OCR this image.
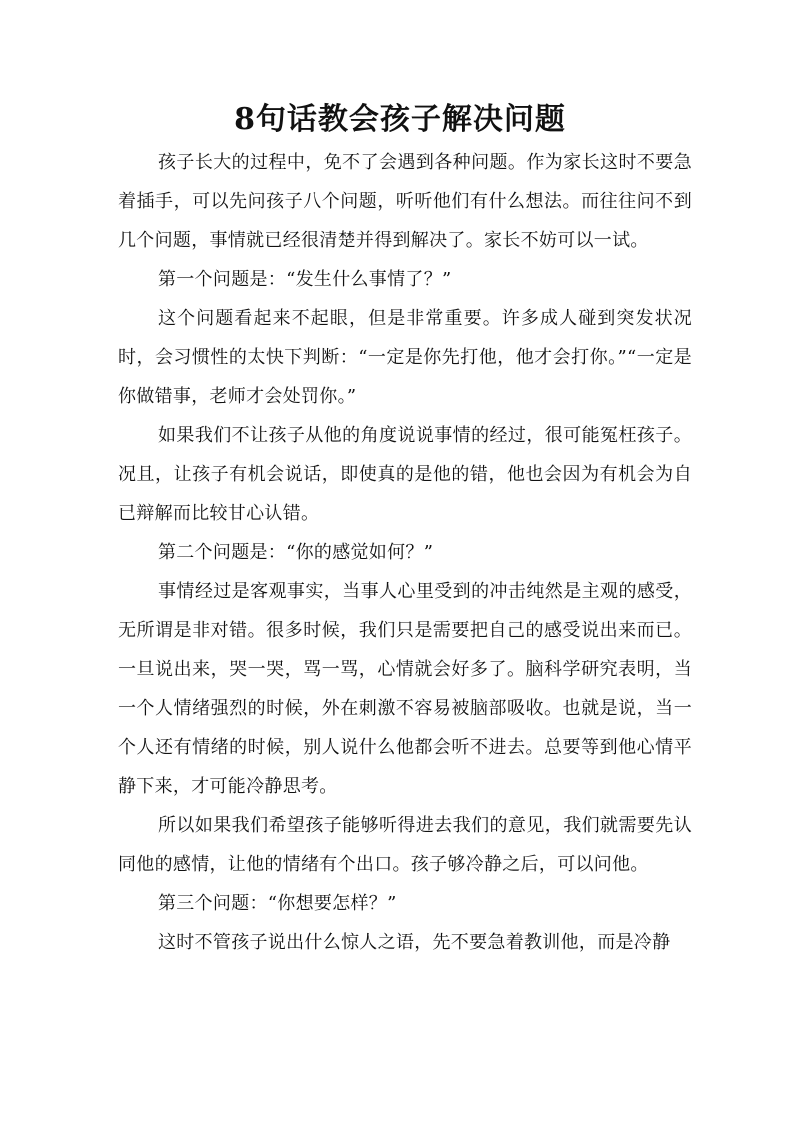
8句话教会孩子解决问题

孩子长大的过程中，免不了会遇到各种问题。作为家长这时不要急着插手，可以先问孩子八个问题，听听他们有什么想法。而往往问不到几个问题，事情就已经很清楚并得到解决了。家长不妨可以一试。

第一个问题是：“发生什么事情了？”

这个问题看起来不起眼，但是非常重要。许多成人碰到突发状况时，会习惯性的太快下判断：“一定是你先打他，他才会打你。”“一定是你做错事，老师才会处罚你。”

如果我们不让孩子从他的角度说说事情的经过，很可能冤枉孩子。况且，让孩子有机会说话，即使真的是他的错，他也会因为有机会为自已辩解而比较甘心认错。

第二个问题是：“你的感觉如何？”

事情经过是客观事实，当事人心里受到的冲击纯然是主观的感受，无所谓是非对错。很多时候，我们只是需要把自己的感受说出来而已。一旦说出来，哭一哭，骂一骂，心情就会好多了。脑科学研究表明，当一个人情绪强烈的时候，外在刺激不容易被脑部吸收。也就是说，当一个人还有情绪的时候，别人说什么他都会听不进去。总要等到他心情平静下来，才可能冷静思考。

所以如果我们希望孩子能够听得进去我们的意见，我们就需要先认同他的感情，让他的情绪有个出口。孩子够冷静之后，可以问他。

第三个问题：“你想要怎样？”

这时不管孩子说出什么惊人之语，先不要急着教训他，而是冷静
